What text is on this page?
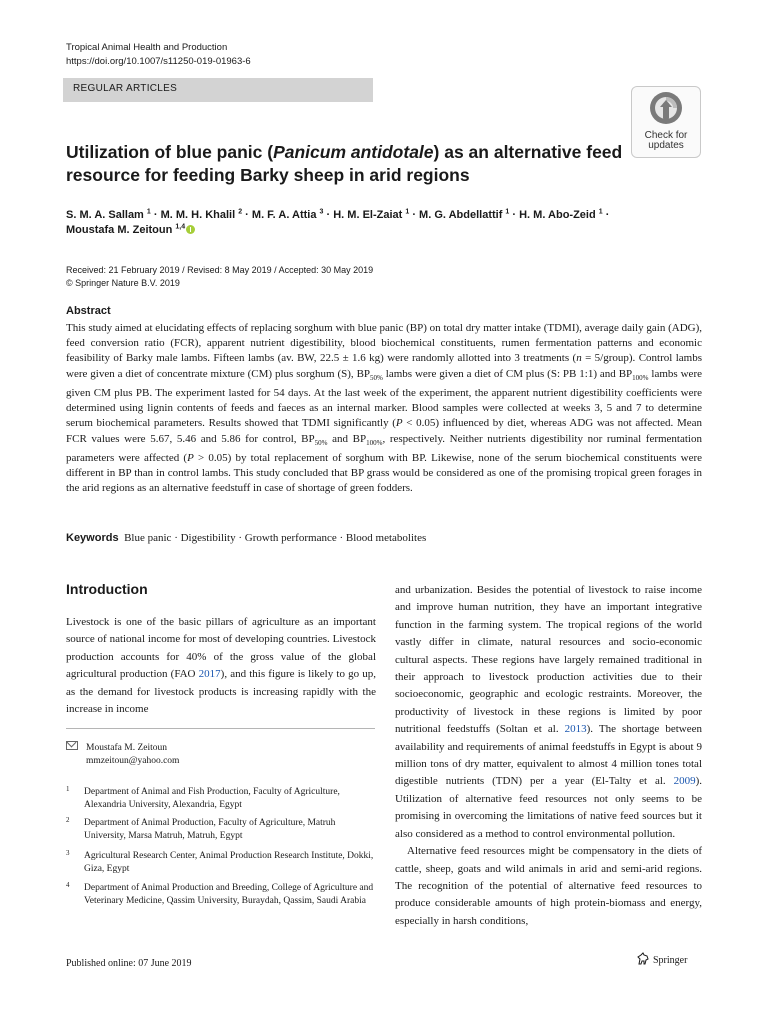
Tropical Animal Health and Production
https://doi.org/10.1007/s11250-019-01963-6
REGULAR ARTICLES
Check for
updates
Utilization of blue panic (Panicum antidotale) as an alternative feed resource for feeding Barky sheep in arid regions
S. M. A. Sallam $^1$ · M. M. H. Khalil $^2$ · M. F. A. Attia $^3$ · H. M. El-Zaiat $^1$ · M. G. Abdellattif $^1$ · H. M. Abo-Zeid $^1$ ·
Moustafa M. Zeitoun $^{1,4}$
Received: 21 February 2019 / Revised: 8 May 2019 / Accepted: 30 May 2019
© Springer Nature B.V. 2019
Abstract
This study aimed at elucidating effects of replacing sorghum with blue panic (BP) on total dry matter intake (TDMI), average daily gain (ADG), feed conversion ratio (FCR), apparent nutrient digestibility, blood biochemical constituents, rumen fermentation patterns and economic feasibility of Barky male lambs. Fifteen lambs (av. BW, 22.5 ± 1.6 kg) were randomly allotted into 3 treatments (n = 5/group). Control lambs were given a diet of concentrate mixture (CM) plus sorghum (S), $BP_{50\%}$ lambs were given a diet of CM plus (S: PB 1:1) and $BP_{100\%}$ lambs were given CM plus PB. The experiment lasted for 54 days. At the last week of the experiment, the apparent nutrient digestibility coefficients were determined using lignin contents of feeds and faeces as an internal marker. Blood samples were collected at weeks 3, 5 and 7 to determine serum biochemical parameters. Results showed that TDMI significantly (P < 0.05) influenced by diet, whereas ADG was not affected. Mean FCR values were 5.67, 5.46 and 5.86 for control, $BP_{50\%}$ and $BP_{100\%}$, respectively. Neither nutrients digestibility nor ruminal fermentation parameters were affected (P > 0.05) by total replacement of sorghum with BP. Likewise, none of the serum biochemical constituents were different in BP than in control lambs. This study concluded that BP grass would be considered as one of the promising tropical green forages in the arid regions as an alternative feedstuff in case of shortage of green fodders.
Keywords Blue panic · Digestibility · Growth performance · Blood metabolites
Introduction
Livestock is one of the basic pillars of agriculture as an important source of national income for most of developing countries. Livestock production accounts for 40% of the gross value of the global agricultural production (FAO 2017), and this figure is likely to go up, as the demand for livestock products is increasing rapidly with the increase in income

and urbanization. Besides the potential of livestock to raise income and improve human nutrition, they have an important integrative function in the farming system. The tropical regions of the world vastly differ in climate, natural resources and socio-economic cultural aspects. These regions have largely remained traditional in their approach to livestock production activities due to their socioeconomic, geographic and ecologic restraints. Moreover, the productivity of livestock in these regions is limited by poor nutritional feedstuffs (Soltan et al. 2013). The shortage between availability and requirements of animal feedstuffs in Egypt is about 9 million tons of dry matter, equivalent to almost 4 million tones total digestible nutrients (TDN) per a year (El-Talty et al. 2009). Utilization of alternative feed resources not only seems to be promising in overcoming the limitations of native feed sources but it also considered as a method to control environmental pollution.

Alternative feed resources might be compensatory in the diets of cattle, sheep, goats and wild animals in arid and semi-arid regions. The recognition of the potential of alternative feed resources to produce considerable amounts of high protein-biomass and energy, especially in harsh conditions,

Moustafa M. Zeitoun
mmzeitoun@yahoo.com
1 Department of Animal and Fish Production, Faculty of Agriculture, Alexandria University, Alexandria, Egypt
2 Department of Animal Production, Faculty of Agriculture, Matruh University, Marsa Matruh, Matruh, Egypt
3 Agricultural Research Center, Animal Production Research Institute, Dokki, Giza, Egypt
4 Department of Animal Production and Breeding, College of Agriculture and Veterinary Medicine, Qassim University, Buraydah, Qassim, Saudi Arabia
Published online: 07 June 2019	Springer
